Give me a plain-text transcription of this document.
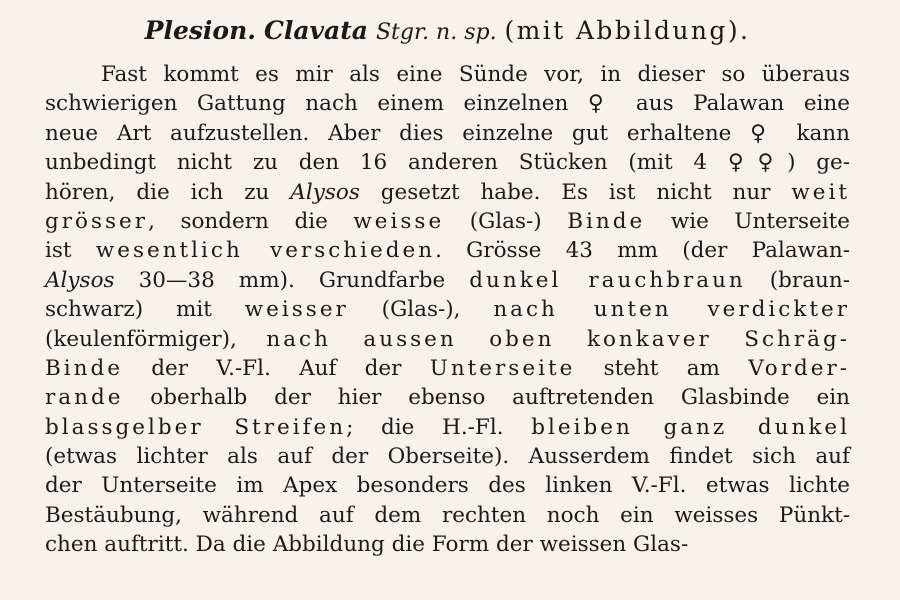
Plesion. Clavata Stgr. n. sp. (mit Abbildung).
Fast kommt es mir als eine Sünde vor, in dieser so überaus
schwierigen Gattung nach einem einzelnen ♀ aus Palawan eine
neue Art aufzustellen. Aber dies einzelne gut erhaltene ♀ kann
unbedingt nicht zu den 16 anderen Stücken (mit 4 ♀♀) ge-
hören, die ich zu Alysos gesetzt habe. Es ist nicht nur weit
grösser, sondern die weisse (Glas-) Binde wie Unterseite
ist wesentlich verschieden. Grösse 43 mm (der Palawan-
Alysos 30—38 mm). Grundfarbe dunkel rauchbraun (braun-
schwarz) mit weisser (Glas-), nach unten verdickter
(keulenförmiger), nach aussen oben konkaver Schräg-
Binde der V.-Fl. Auf der Unterseite steht am Vorder-
rande oberhalb der hier ebenso auftretenden Glasbinde ein
blassgelber Streifen; die H.-Fl. bleiben ganz dunkel
(etwas lichter als auf der Oberseite). Ausserdem findet sich auf
der Unterseite im Apex besonders des linken V.-Fl. etwas lichte
Bestäubung, während auf dem rechten noch ein weisses Pünkt-
chen auftritt. Da die Abbildung die Form der weissen Glas-
